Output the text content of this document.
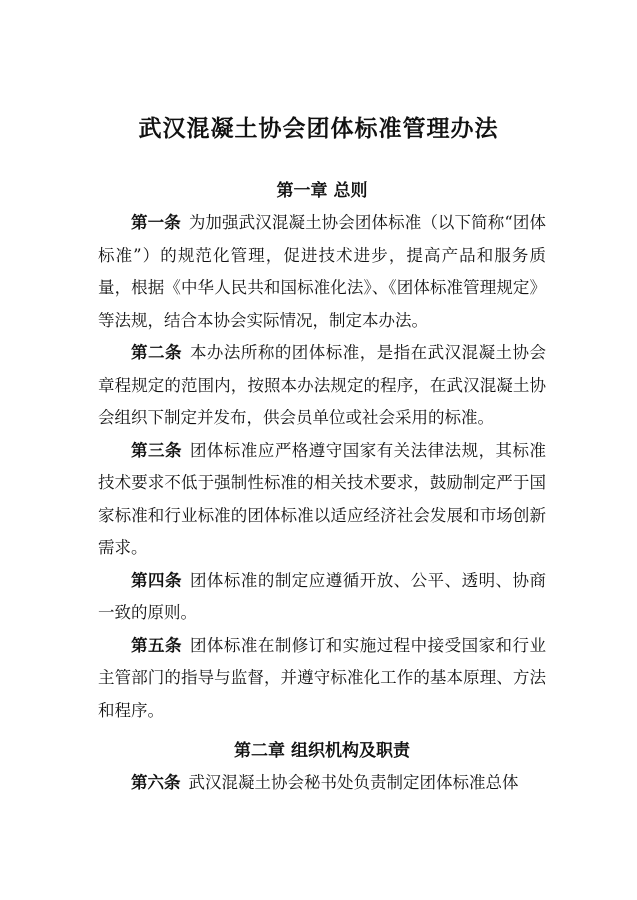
武汉混凝土协会团体标准管理办法
第一章 总则

第一条 为加强武汉混凝土协会团体标准（以下简称“团体标准”）的规范化管理，促进技术进步，提高产品和服务质量，根据《中华人民共和国标准化法》、《团体标准管理规定》等法规，结合本协会实际情况，制定本办法。

第二条 本办法所称的团体标准，是指在武汉混凝土协会章程规定的范围内，按照本办法规定的程序，在武汉混凝土协会组织下制定并发布，供会员单位或社会采用的标准。

第三条 团体标准应严格遵守国家有关法律法规，其标准技术要求不低于强制性标准的相关技术要求，鼓励制定严于国家标准和行业标准的团体标准以适应经济社会发展和市场创新需求。

第四条 团体标准的制定应遵循开放、公平、透明、协商一致的原则。

第五条 团体标准在制修订和实施过程中接受国家和行业主管部门的指导与监督，并遵守标准化工作的基本原理、方法和程序。

第二章 组织机构及职责

第六条 武汉混凝土协会秘书处负责制定团体标准总体
